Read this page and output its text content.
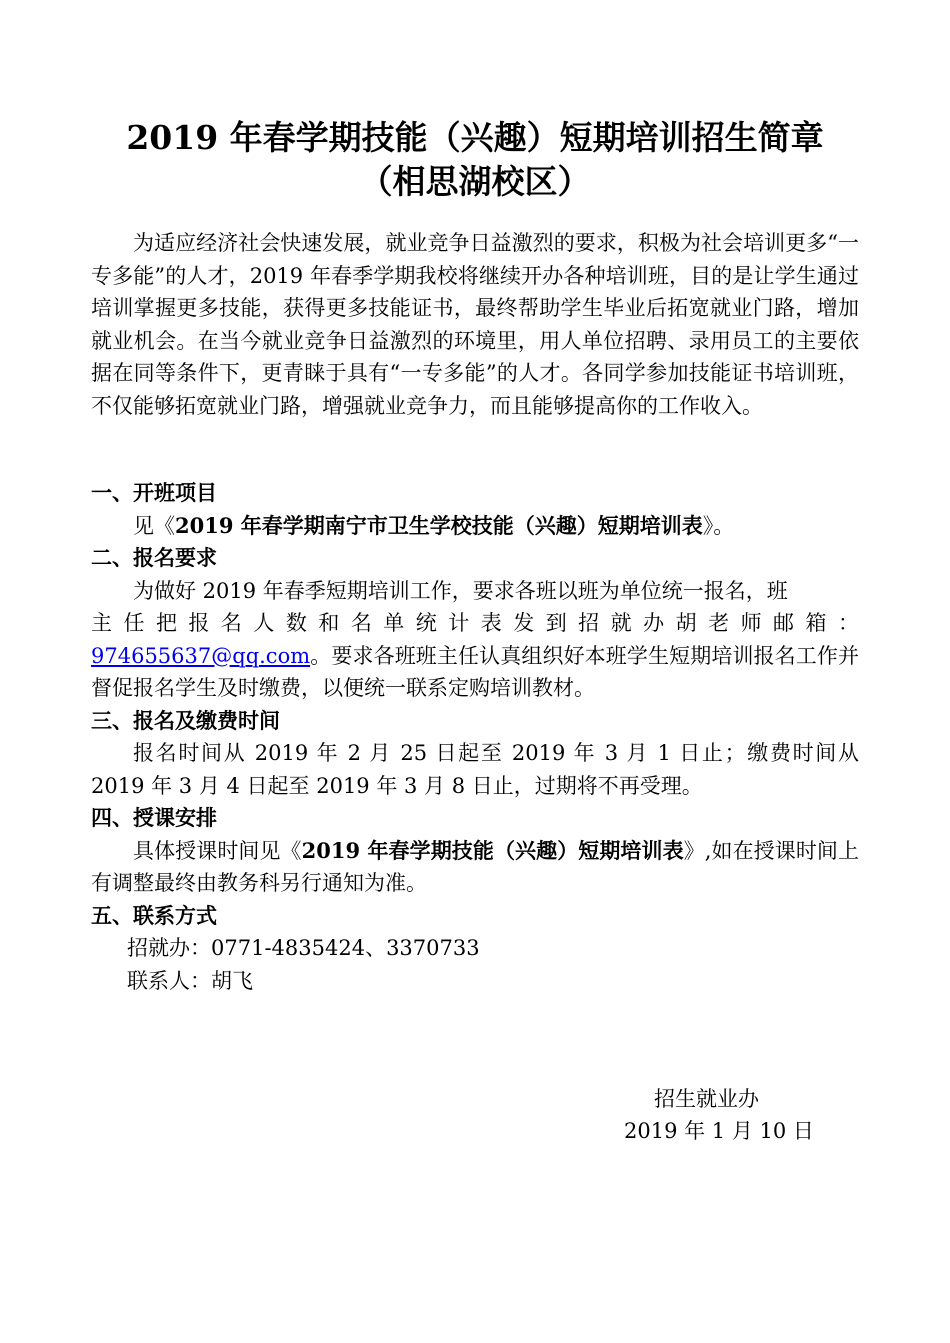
2019 年春学期技能（兴趣）短期培训招生简章
（相思湖校区）

为适应经济社会快速发展，就业竞争日益激烈的要求，积极为社会培训更多“一专多能”的人才，2019 年春季学期我校将继续开办各种培训班，目的是让学生通过培训掌握更多技能，获得更多技能证书，最终帮助学生毕业后拓宽就业门路，增加就业机会。在当今就业竞争日益激烈的环境里，用人单位招聘、录用员工的主要依据在同等条件下，更青睐于具有“一专多能”的人才。各同学参加技能证书培训班，不仅能够拓宽就业门路，增强就业竞争力，而且能够提高你的工作收入。

一、开班项目

见《2019 年春学期南宁市卫生学校技能（兴趣）短期培训表》。

二、报名要求

为做好 2019 年春季短期培训工作，要求各班以班为单位统一报名，班

主任把报名人数和名单统计表发到招就办胡老师邮箱：

974655637@qq.com。要求各班班主任认真组织好本班学生短期培训报名工作并督促报名学生及时缴费，以便统一联系定购培训教材。

三、报名及缴费时间

报名时间从 2019 年 2 月 25 日起至 2019 年 3 月 1 日止；缴费时间从 2019 年 3 月 4 日起至 2019 年 3 月 8 日止，过期将不再受理。

四、授课安排

具体授课时间见《2019 年春学期技能（兴趣）短期培训表》,如在授课时间上有调整最终由教务科另行通知为准。

五、联系方式

招就办：0771-4835424、3370733

联系人：胡飞

招生就业办
2019 年 1 月 10 日
